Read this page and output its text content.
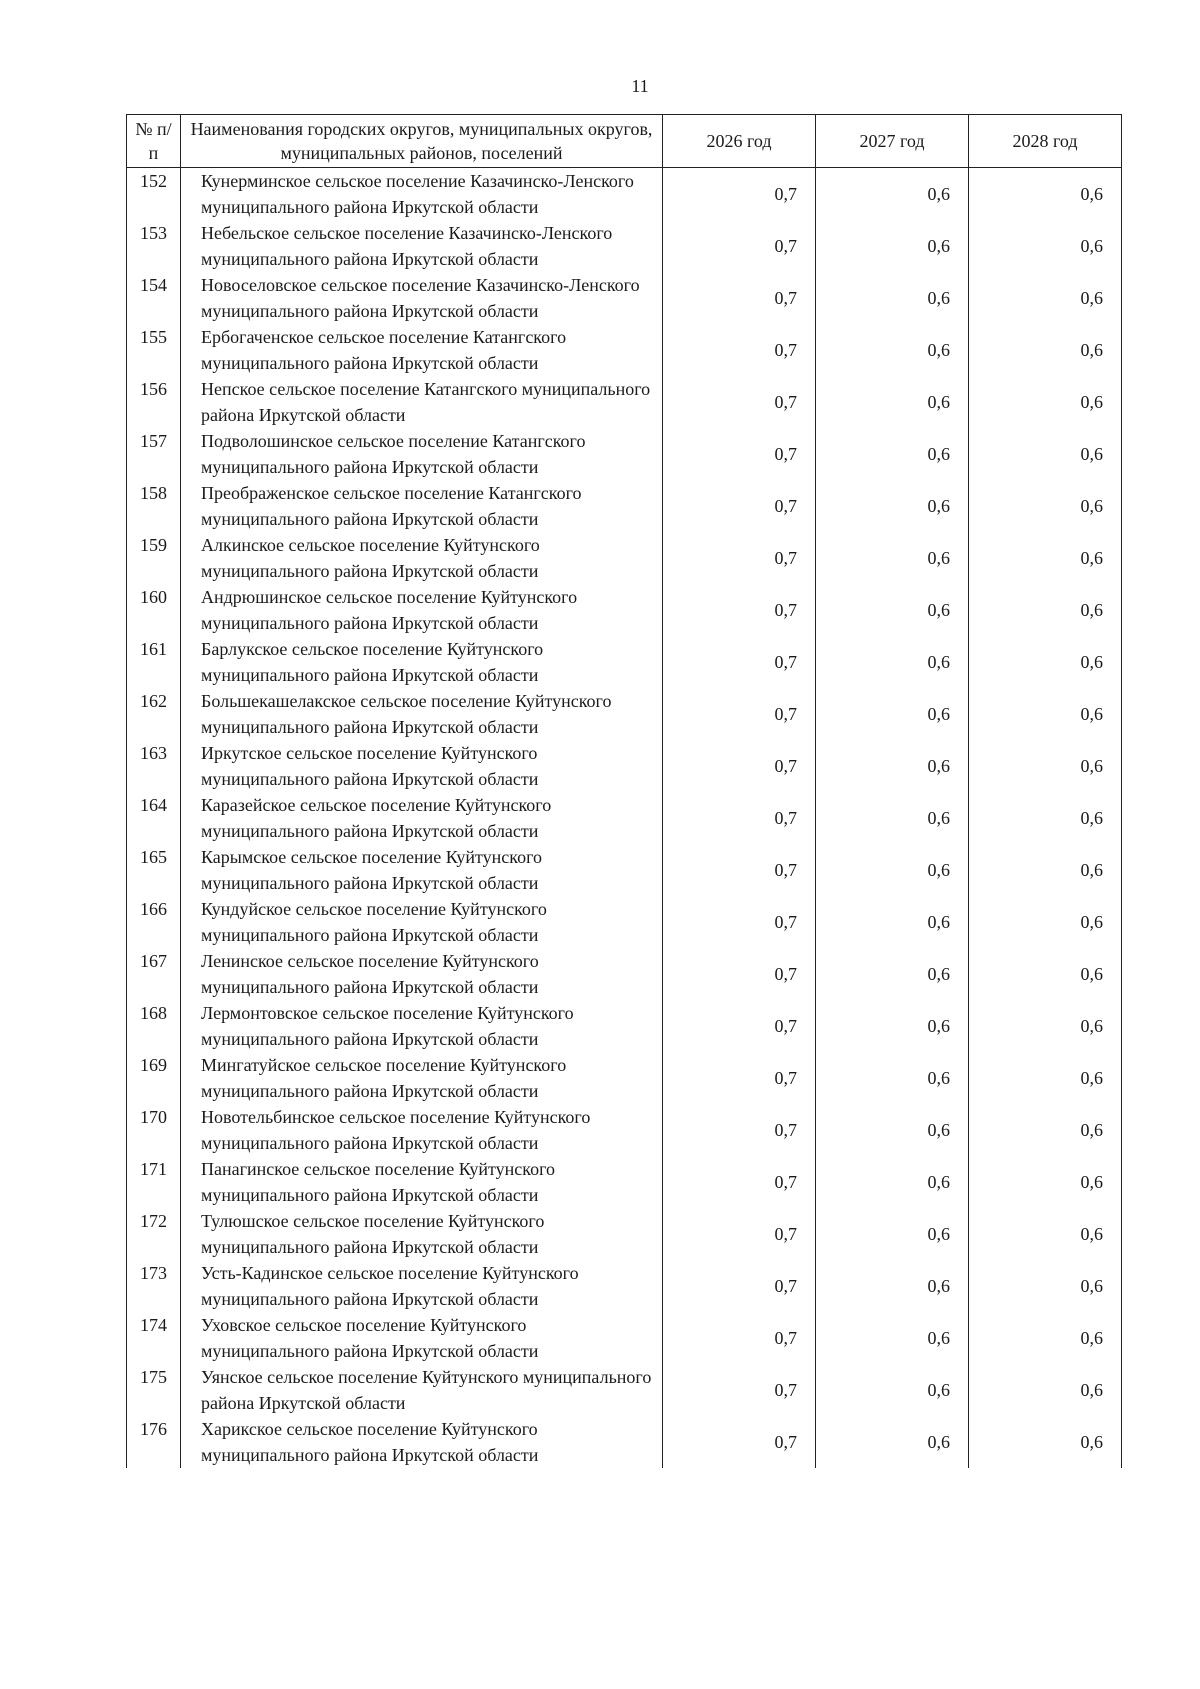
11
№ п/п	Наименования городских округов, муниципальных округов, муниципальных районов, поселений	2026 год	2027 год	2028 год
152	Кунерминское сельское поселение Казачинско-Ленского муниципального района Иркутской области	0,7	0,6	0,6
153	Небельское сельское поселение Казачинско-Ленского муниципального района Иркутской области	0,7	0,6	0,6
154	Новоселовское сельское поселение Казачинско-Ленского муниципального района Иркутской области	0,7	0,6	0,6
155	Ербогаченское сельское поселение Катангского муниципального района Иркутской области	0,7	0,6	0,6
156	Непское сельское поселение Катангского муниципального района Иркутской области	0,7	0,6	0,6
157	Подволошинское сельское поселение Катангского муниципального района Иркутской области	0,7	0,6	0,6
158	Преображенское сельское поселение Катангского муниципального района Иркутской области	0,7	0,6	0,6
159	Алкинское сельское поселение Куйтунского муниципального района Иркутской области	0,7	0,6	0,6
160	Андрюшинское сельское поселение Куйтунского муниципального района Иркутской области	0,7	0,6	0,6
161	Барлукское сельское поселение Куйтунского муниципального района Иркутской области	0,7	0,6	0,6
162	Большекашелакское сельское поселение Куйтунского муниципального района Иркутской области	0,7	0,6	0,6
163	Иркутское сельское поселение Куйтунского муниципального района Иркутской области	0,7	0,6	0,6
164	Каразейское сельское поселение Куйтунского муниципального района Иркутской области	0,7	0,6	0,6
165	Карымское сельское поселение Куйтунского муниципального района Иркутской области	0,7	0,6	0,6
166	Кундуйское сельское поселение Куйтунского муниципального района Иркутской области	0,7	0,6	0,6
167	Ленинское сельское поселение Куйтунского муниципального района Иркутской области	0,7	0,6	0,6
168	Лермонтовское сельское поселение Куйтунского муниципального района Иркутской области	0,7	0,6	0,6
169	Мингатуйское сельское поселение Куйтунского муниципального района Иркутской области	0,7	0,6	0,6
170	Новотельбинское сельское поселение Куйтунского муниципального района Иркутской области	0,7	0,6	0,6
171	Панагинское сельское поселение Куйтунского муниципального района Иркутской области	0,7	0,6	0,6
172	Тулюшское сельское поселение Куйтунского муниципального района Иркутской области	0,7	0,6	0,6
173	Усть-Кадинское сельское поселение Куйтунского муниципального района Иркутской области	0,7	0,6	0,6
174	Уховское сельское поселение Куйтунского муниципального района Иркутской области	0,7	0,6	0,6
175	Уянское сельское поселение Куйтунского муниципального района Иркутской области	0,7	0,6	0,6
176	Харикское сельское поселение Куйтунского муниципального района Иркутской области	0,7	0,6	0,6
